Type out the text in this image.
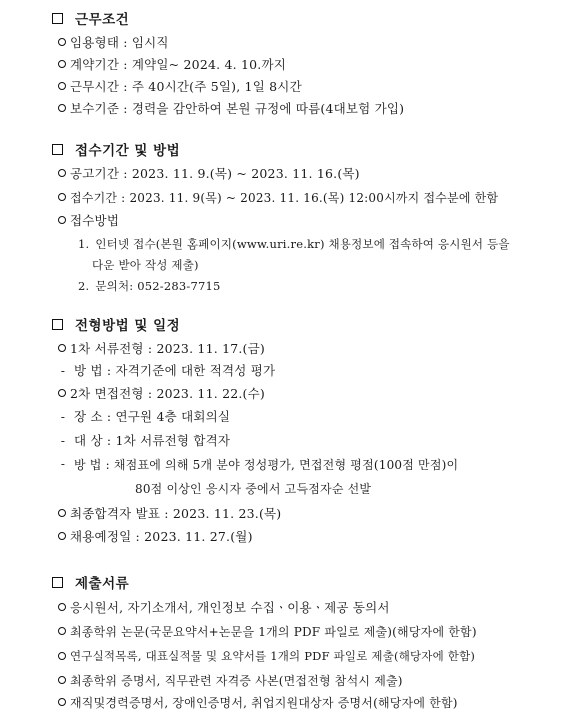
근무조건
임용형태 : 임시직
계약기간 : 계약일~ 2024. 4. 10.까지
근무시간 : 주 40시간(주 5일), 1일 8시간
보수기준 : 경력을 감안하여 본원 규정에 따름(4대보험 가입)
접수기간 및 방법
공고기간 : 2023. 11. 9.(목) ~ 2023. 11. 16.(목)
접수기간 : 2023. 11. 9(목) ~ 2023. 11. 16.(목) 12:00시까지 접수분에 한함
접수방법
1. 인터넷 접수(본원 홈페이지(www.uri.re.kr) 채용정보에 접속하여 응시원서 등을
다운 받아 작성 제출)
2. 문의처: 052-283-7715
전형방법 및 일정
1차 서류전형 : 2023. 11. 17.(금)
- 방 법 : 자격기준에 대한 적격성 평가
2차 면접전형 : 2023. 11. 22.(수)
- 장 소 : 연구원 4층 대회의실
- 대 상 : 1차 서류전형 합격자
- 방 법 : 채점표에 의해 5개 분야 정성평가, 면접전형 평점(100점 만점)이
80점 이상인 응시자 중에서 고득점자순 선발
최종합격자 발표 : 2023. 11. 23.(목)
채용예정일 : 2023. 11. 27.(월)
제출서류
응시원서, 자기소개서, 개인정보 수집ㆍ이용ㆍ제공 동의서
최종학위 논문(국문요약서+논문을 1개의 PDF 파일로 제출)(해당자에 한함)
연구실적목록, 대표실적물 및 요약서를 1개의 PDF 파일로 제출(해당자에 한함)
최종학위 증명서, 직무관련 자격증 사본(면접전형 참석시 제출)
재직및경력증명서, 장애인증명서, 취업지원대상자 증명서(해당자에 한함)
